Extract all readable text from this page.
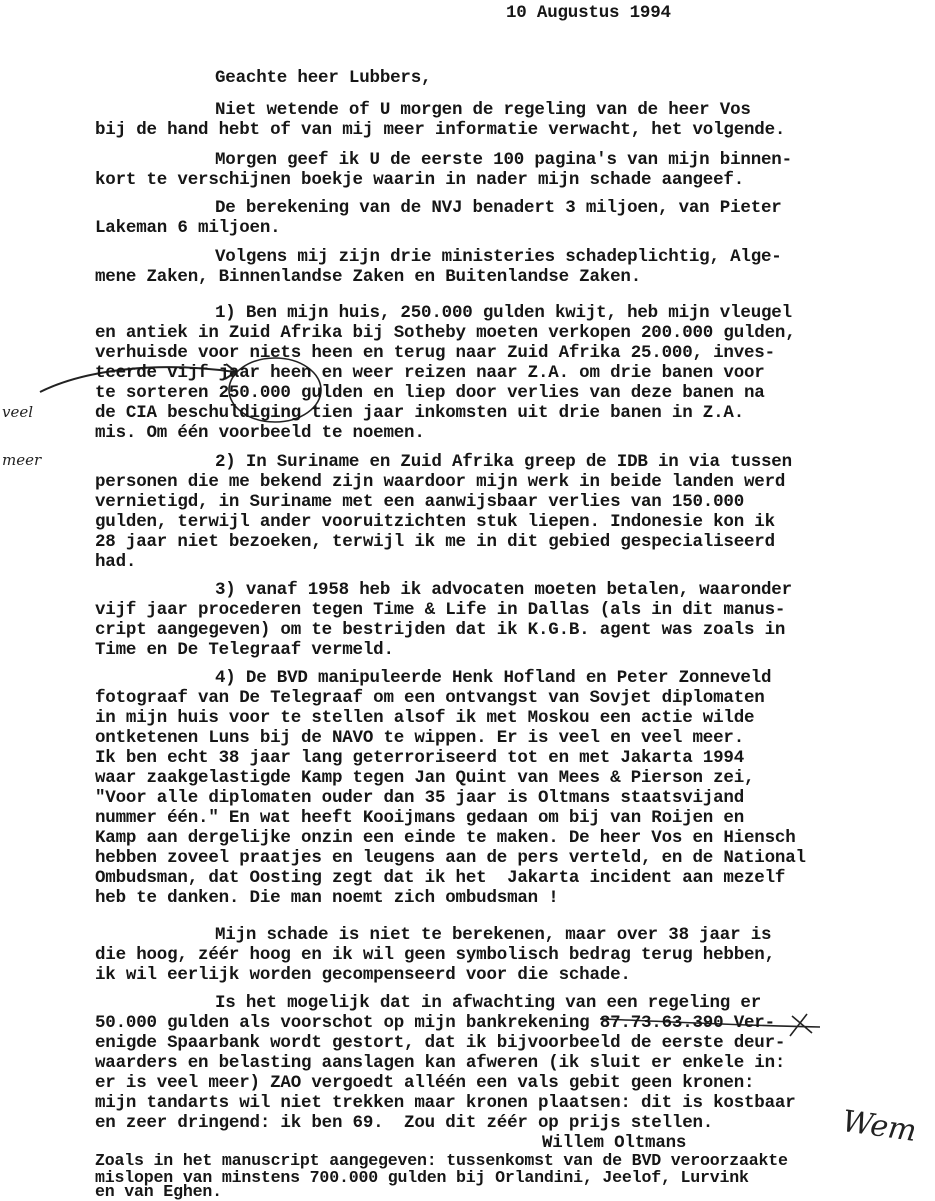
10 Augustus 1994
Geachte heer Lubbers,
Niet wetende of U morgen de regeling van de heer Vos
bij de hand hebt of van mij meer informatie verwacht, het volgende.
Morgen geef ik U de eerste 100 pagina's van mijn binnen-
kort te verschijnen boekje waarin in nader mijn schade aangeef.
De berekening van de NVJ benadert 3 miljoen, van Pieter
Lakeman 6 miljoen.
Volgens mij zijn drie ministeries schadeplichtig, Alge-
mene Zaken, Binnenlandse Zaken en Buitenlandse Zaken.
1) Ben mijn huis, 250.000 gulden kwijt, heb mijn vleugel
en antiek in Zuid Afrika bij Sotheby moeten verkopen 200.000 gulden,
verhuisde voor niets heen en terug naar Zuid Afrika 25.000, inves-
teerde vijf jaar heen en weer reizen naar Z.A. om drie banen voor
te sorteren 250.000 gulden en liep door verlies van deze banen na
de CIA beschuldiging tien jaar inkomsten uit drie banen in Z.A.
mis. Om één voorbeeld te noemen.
2) In Suriname en Zuid Afrika greep de IDB in via tussen
personen die me bekend zijn waardoor mijn werk in beide landen werd
vernietigd, in Suriname met een aanwijsbaar verlies van 150.000
gulden, terwijl ander vooruitzichten stuk liepen. Indonesie kon ik
28 jaar niet bezoeken, terwijl ik me in dit gebied gespecialiseerd
had.
3) vanaf 1958 heb ik advocaten moeten betalen, waaronder
vijf jaar procederen tegen Time & Life in Dallas (als in dit manus-
cript aangegeven) om te bestrijden dat ik K.G.B. agent was zoals in
Time en De Telegraaf vermeld.
4) De BVD manipuleerde Henk Hofland en Peter Zonneveld
fotograaf van De Telegraaf om een ontvangst van Sovjet diplomaten
in mijn huis voor te stellen alsof ik met Moskou een actie wilde
ontketenen Luns bij de NAVO te wippen. Er is veel en veel meer.
Ik ben echt 38 jaar lang geterroriseerd tot en met Jakarta 1994
waar zaakgelastigde Kamp tegen Jan Quint van Mees & Pierson zei,
"Voor alle diplomaten ouder dan 35 jaar is Oltmans staatsvijand
nummer één." En wat heeft Kooijmans gedaan om bij van Roijen en
Kamp aan dergelijke onzin een einde te maken. De heer Vos en Hiensch
hebben zoveel praatjes en leugens aan de pers verteld, en de National
Ombudsman, dat Oosting zegt dat ik het  Jakarta incident aan mezelf
heb te danken. Die man noemt zich ombudsman !
Mijn schade is niet te berekenen, maar over 38 jaar is
die hoog, zéér hoog en ik wil geen symbolisch bedrag terug hebben,
ik wil eerlijk worden gecompenseerd voor die schade.
Is het mogelijk dat in afwachting van een regeling er
50.000 gulden als voorschot op mijn bankrekening 87.73.63.390 Ver-
enigde Spaarbank wordt gestort, dat ik bijvoorbeeld de eerste deur-
waarders en belasting aanslagen kan afweren (ik sluit er enkele in:
er is veel meer) ZAO vergoedt alléén een vals gebit geen kronen:
mijn tandarts wil niet trekken maar kronen plaatsen: dit is kostbaar
en zeer dringend: ik ben 69.  Zou dit zéér op prijs stellen.
Willem Oltmans
Zoals in het manuscript aangegeven: tussenkomst van de BVD veroorzaakte
mislopen van minstens 700.000 gulden bij Orlandini, Jeelof, Lurvink
en van Eghen.

veel

meer

Wem
